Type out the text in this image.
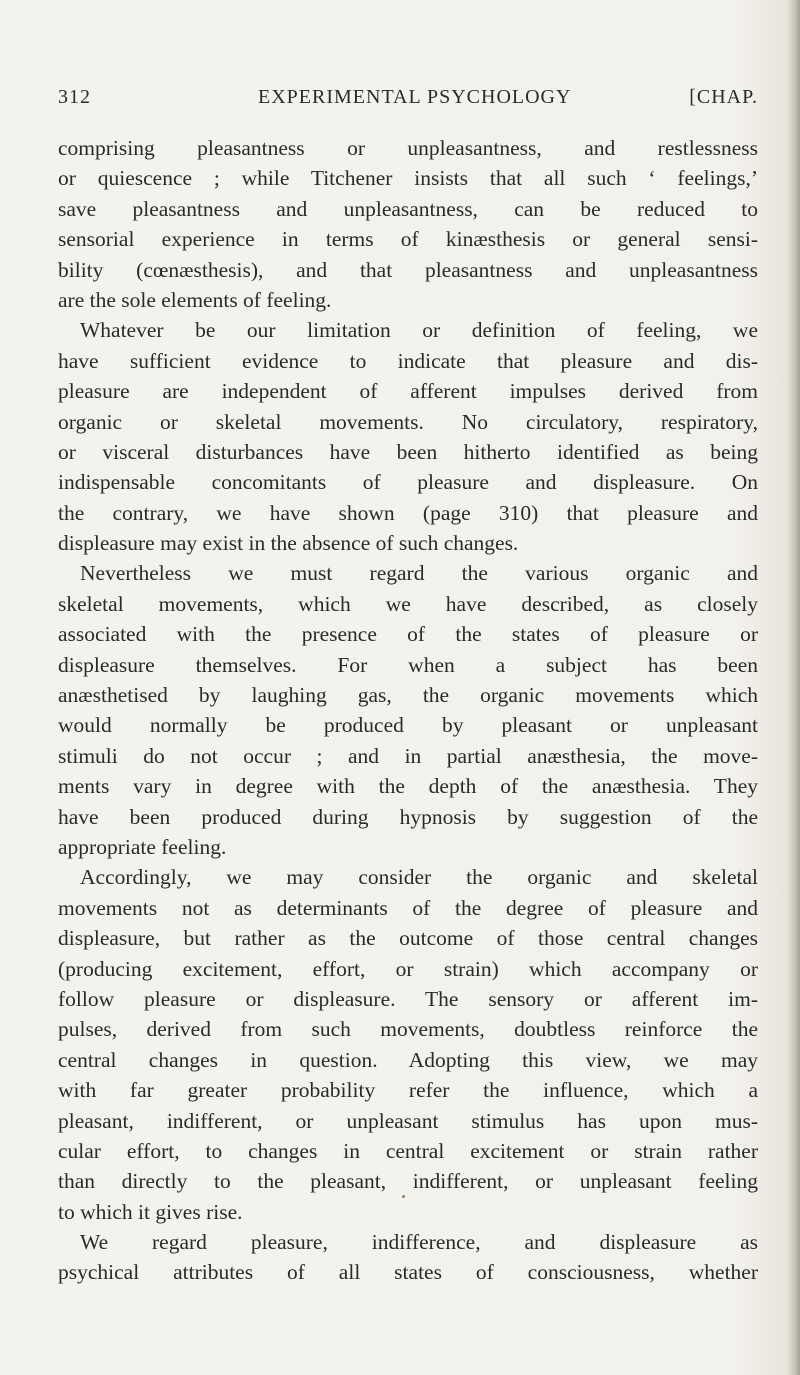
312	EXPERIMENTAL PSYCHOLOGY	[CHAP.
comprising pleasantness or unpleasantness, and restlessness
or quiescence ; while Titchener insists that all such ‘ feelings,’
save pleasantness and unpleasantness, can be reduced to
sensorial experience in terms of kinæsthesis or general sensi-
bility (cœnæsthesis), and that pleasantness and unpleasantness
are the sole elements of feeling.
Whatever be our limitation or definition of feeling, we
have sufficient evidence to indicate that pleasure and dis-
pleasure are independent of afferent impulses derived from
organic or skeletal movements. No circulatory, respiratory,
or visceral disturbances have been hitherto identified as being
indispensable concomitants of pleasure and displeasure. On
the contrary, we have shown (page 310) that pleasure and
displeasure may exist in the absence of such changes.
Nevertheless we must regard the various organic and
skeletal movements, which we have described, as closely
associated with the presence of the states of pleasure or
displeasure themselves. For when a subject has been
anæsthetised by laughing gas, the organic movements which
would normally be produced by pleasant or unpleasant
stimuli do not occur ; and in partial anæsthesia, the move-
ments vary in degree with the depth of the anæsthesia. They
have been produced during hypnosis by suggestion of the
appropriate feeling.
Accordingly, we may consider the organic and skeletal
movements not as determinants of the degree of pleasure and
displeasure, but rather as the outcome of those central changes
(producing excitement, effort, or strain) which accompany or
follow pleasure or displeasure. The sensory or afferent im-
pulses, derived from such movements, doubtless reinforce the
central changes in question. Adopting this view, we may
with far greater probability refer the influence, which a
pleasant, indifferent, or unpleasant stimulus has upon mus-
cular effort, to changes in central excitement or strain rather
than directly to the pleasant, indifferent, or unpleasant feeling
to which it gives rise.
We regard pleasure, indifference, and displeasure as
psychical attributes of all states of consciousness, whether
